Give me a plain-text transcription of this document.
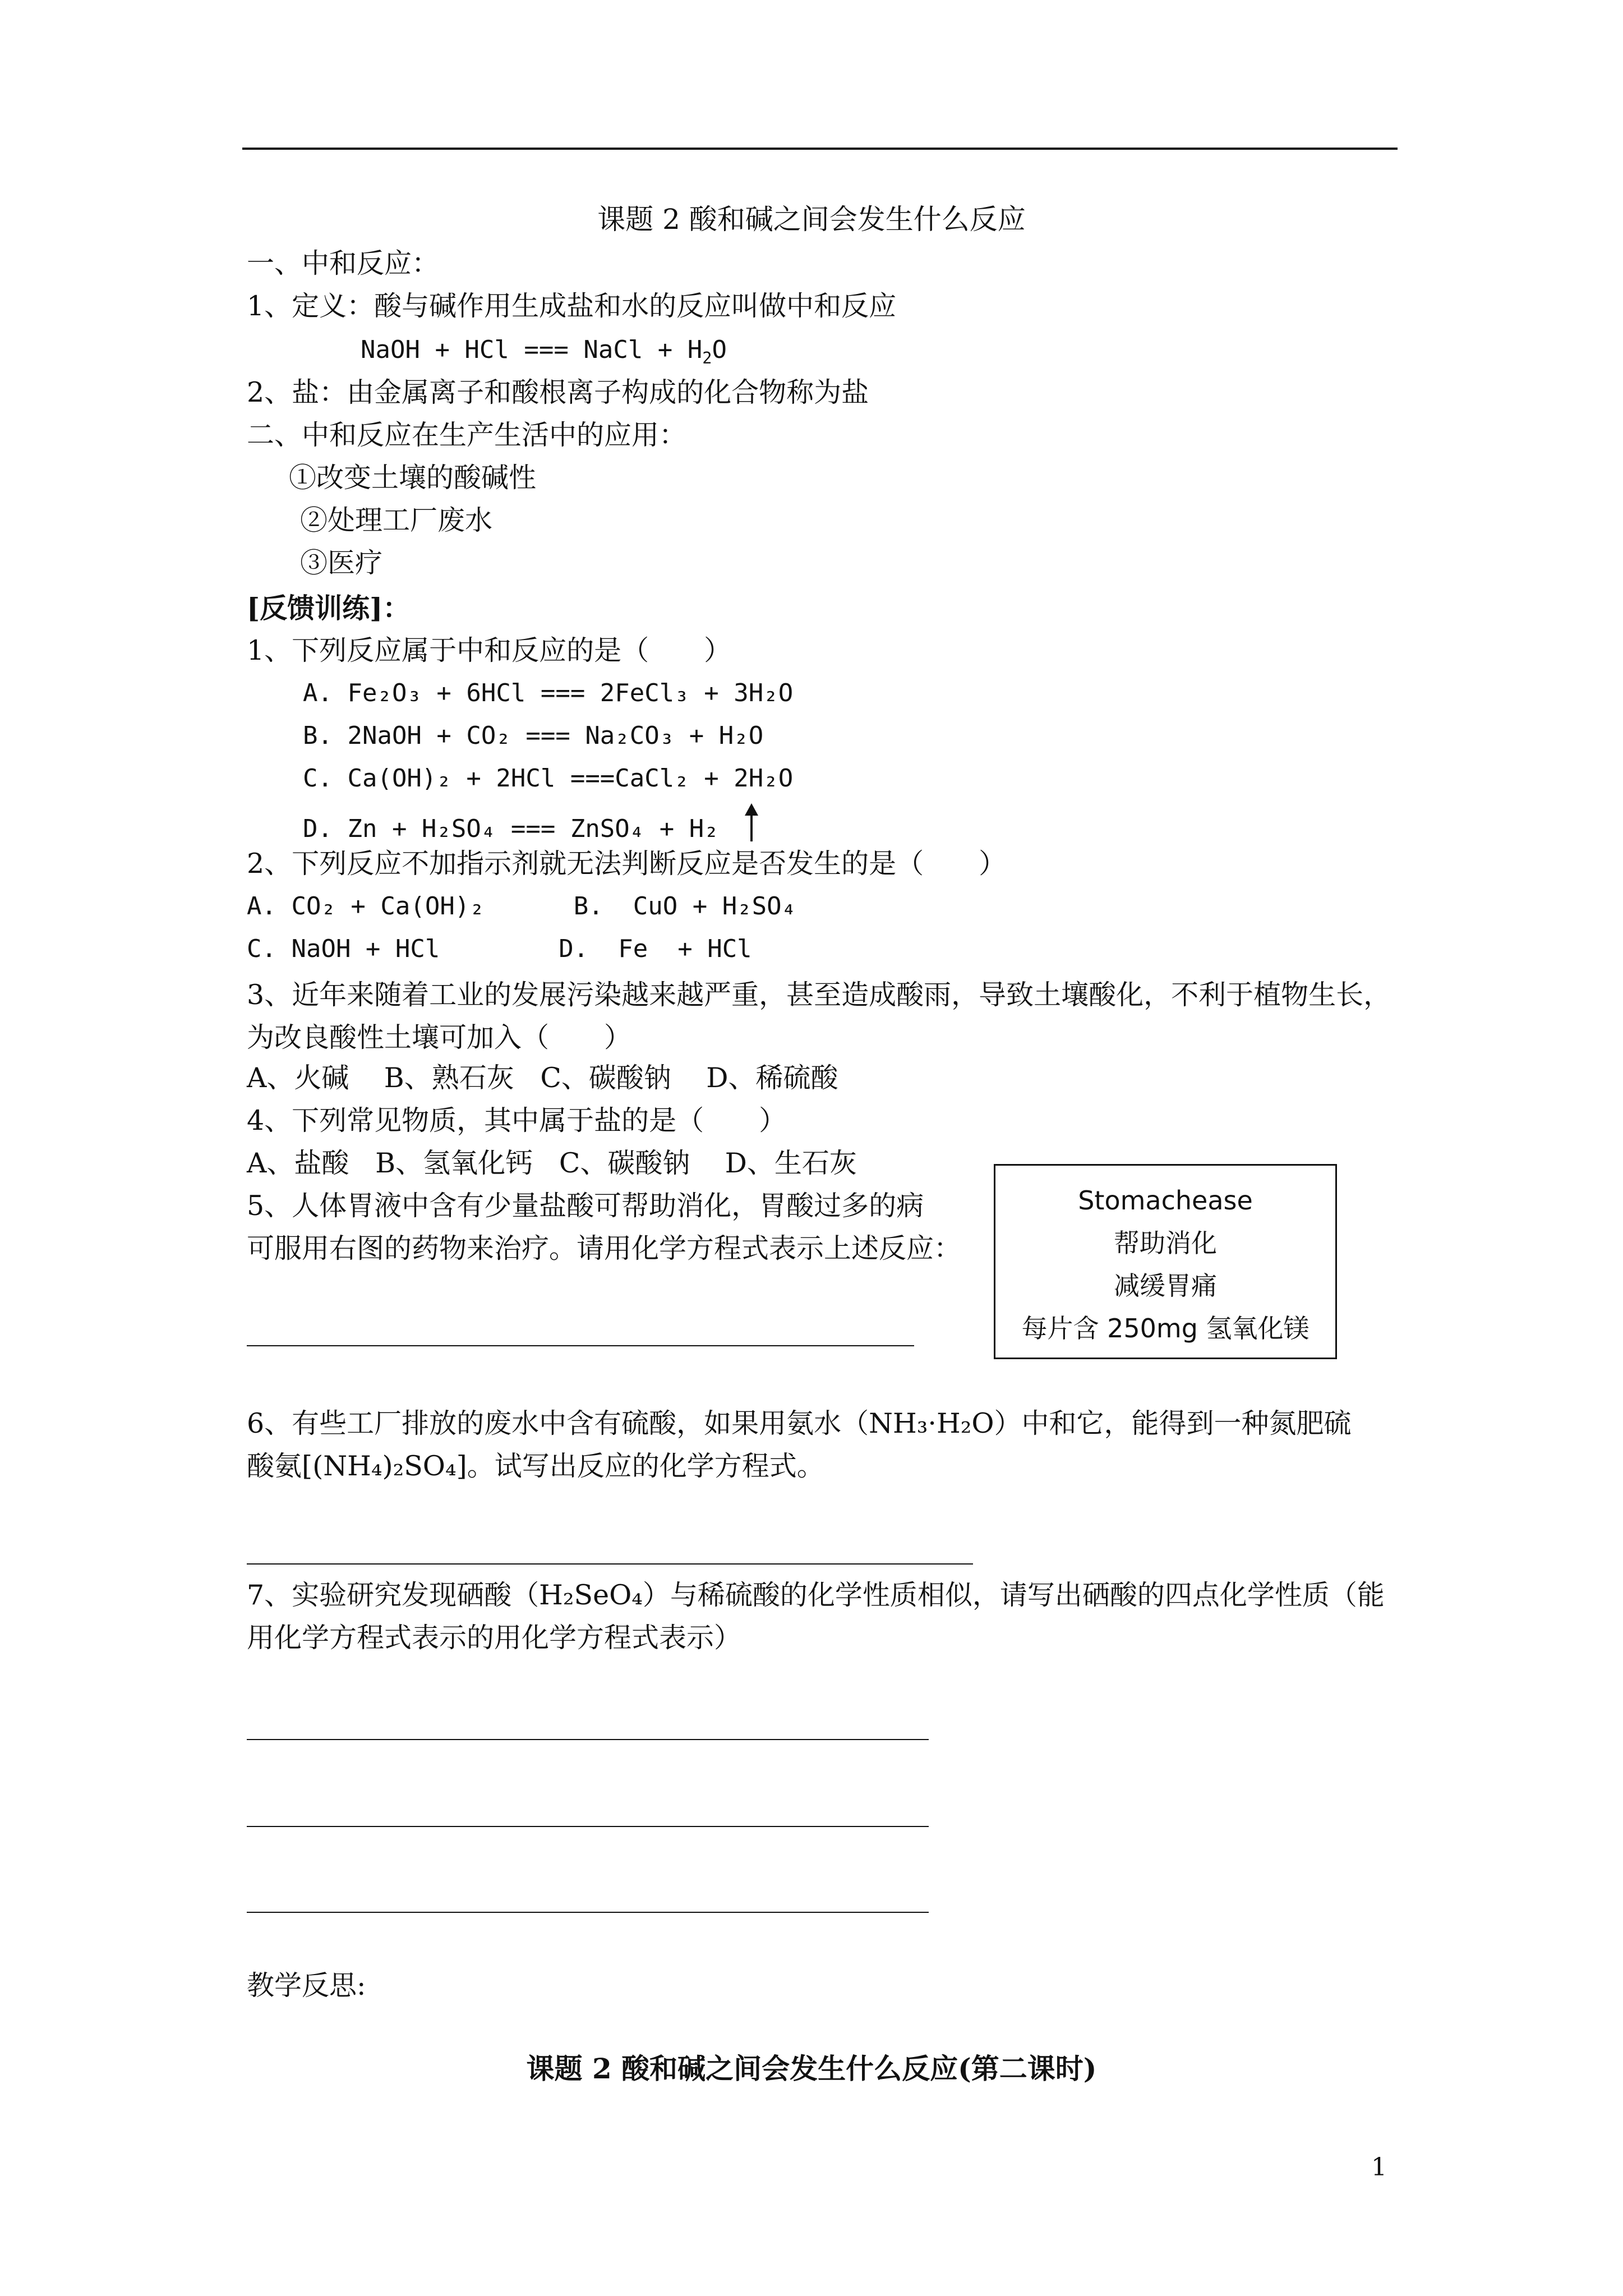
课题 2 酸和碱之间会发生什么反应
一、中和反应：
1、定义：酸与碱作用生成盐和水的反应叫做中和反应
NaOH + HCl === NaCl + $H_2O$
2、盐：由金属离子和酸根离子构成的化合物称为盐
二、中和反应在生产生活中的应用：
①改变土壤的酸碱性
②处理工厂废水
③医疗
[反馈训练]：
1、下列反应属于中和反应的是（　　）
A. Fe₂O₃ + 6HCl === 2FeCl₃ + 3H₂O
B. 2NaOH + CO₂ === Na₂CO₃ + H₂O
C. Ca(OH)₂ + 2HCl ===CaCl₂ + 2H₂O
D. Zn + H₂SO₄ === ZnSO₄ + H₂
2、下列反应不加指示剂就无法判断反应是否发生的是（　　）
A. CO₂ + Ca(OH)₂      B.  CuO + H₂SO₄
C. NaOH + HCl        D.  Fe  + HCl
3、近年来随着工业的发展污染越来越严重，甚至造成酸雨，导致土壤酸化，不利于植物生长，为改良酸性土壤可加入（　　）
A、火碱    B、熟石灰   C、碳酸钠    D、稀硫酸
4、下列常见物质，其中属于盐的是（　　）
A、盐酸   B、氢氧化钙   C、碳酸钠    D、生石灰
5、人体胃液中含有少量盐酸可帮助消化，胃酸过多的病
可服用右图的药物来治疗。请用化学方程式表示上述反应：
Stomachease
帮助消化
减缓胃痛
每片含 250mg 氢氧化镁
6、有些工厂排放的废水中含有硫酸，如果用氨水（NH₃·H₂O）中和它，能得到一种氮肥硫
酸氨[(NH₄)₂SO₄]。试写出反应的化学方程式。
7、实验研究发现硒酸（H₂SeO₄）与稀硫酸的化学性质相似，请写出硒酸的四点化学性质（能
用化学方程式表示的用化学方程式表示）
教学反思:
课题 2 酸和碱之间会发生什么反应(第二课时)
1
